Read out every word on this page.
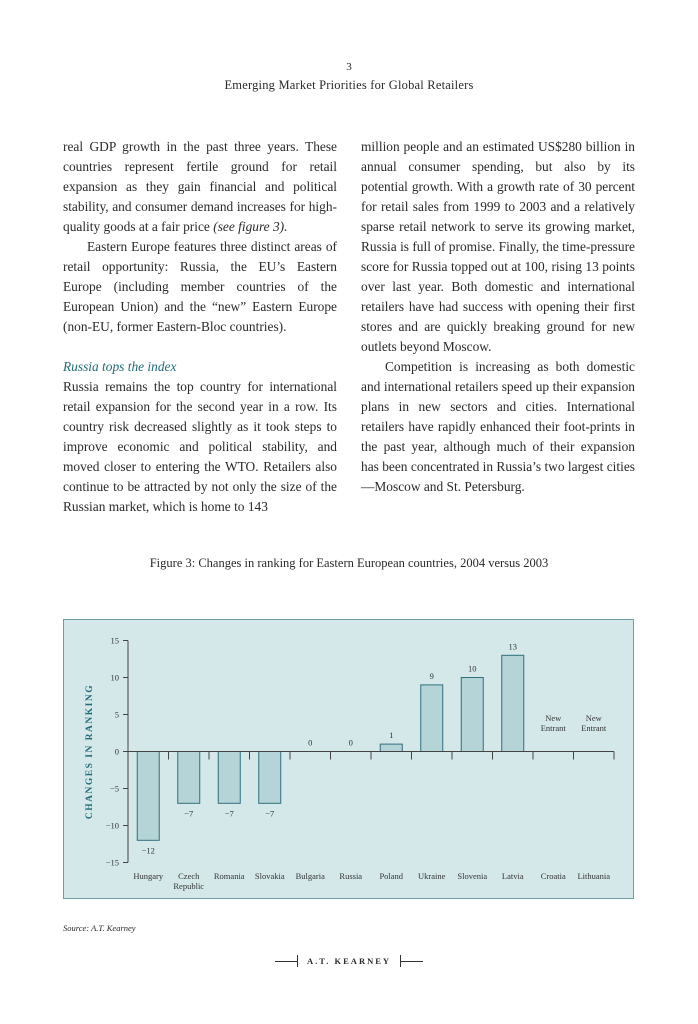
3
Emerging Market Priorities for Global Retailers

real GDP growth in the past three years. These countries represent fertile ground for retail expansion as they gain financial and political stability, and consumer demand increases for high-quality goods at a fair price (see figure 3).

Eastern Europe features three distinct areas of retail opportunity: Russia, the EU’s Eastern Europe (including member countries of the European Union) and the “new” Eastern Europe (non-EU, former Eastern-Bloc countries).

Russia tops the index

Russia remains the top country for international retail expansion for the second year in a row. Its country risk decreased slightly as it took steps to improve economic and political stability, and moved closer to entering the WTO. Retailers also continue to be attracted by not only the size of the Russian market, which is home to 143

million people and an estimated US$280 billion in annual consumer spending, but also by its potential growth. With a growth rate of 30 percent for retail sales from 1999 to 2003 and a relatively sparse retail network to serve its growing market, Russia is full of promise. Finally, the time-pressure score for Russia topped out at 100, rising 13 points over last year. Both domestic and international retailers have had success with opening their first stores and are quickly breaking ground for new outlets beyond Moscow.

Competition is increasing as both domestic and international retailers speed up their expansion plans in new sectors and cities. International retailers have rapidly enhanced their foot-prints in the past year, although much of their expansion has been concentrated in Russia’s two largest cities—Moscow and St. Petersburg.

Figure 3: Changes in ranking for Eastern European countries, 2004 versus 2003
15
10
5
0
−5
−10
−15
CHANGES IN RANKING
−12
−7	−7	−7
0	0
1
9
10
13
New Entrant
New Entrant
Hungary	Czech Republic
Romania Slovakia Bulgaria Russia Poland Ukraine Slovenia Latvia Croatia Lithuania
Source: A.T. Kearney
A.T. KEARNEY
